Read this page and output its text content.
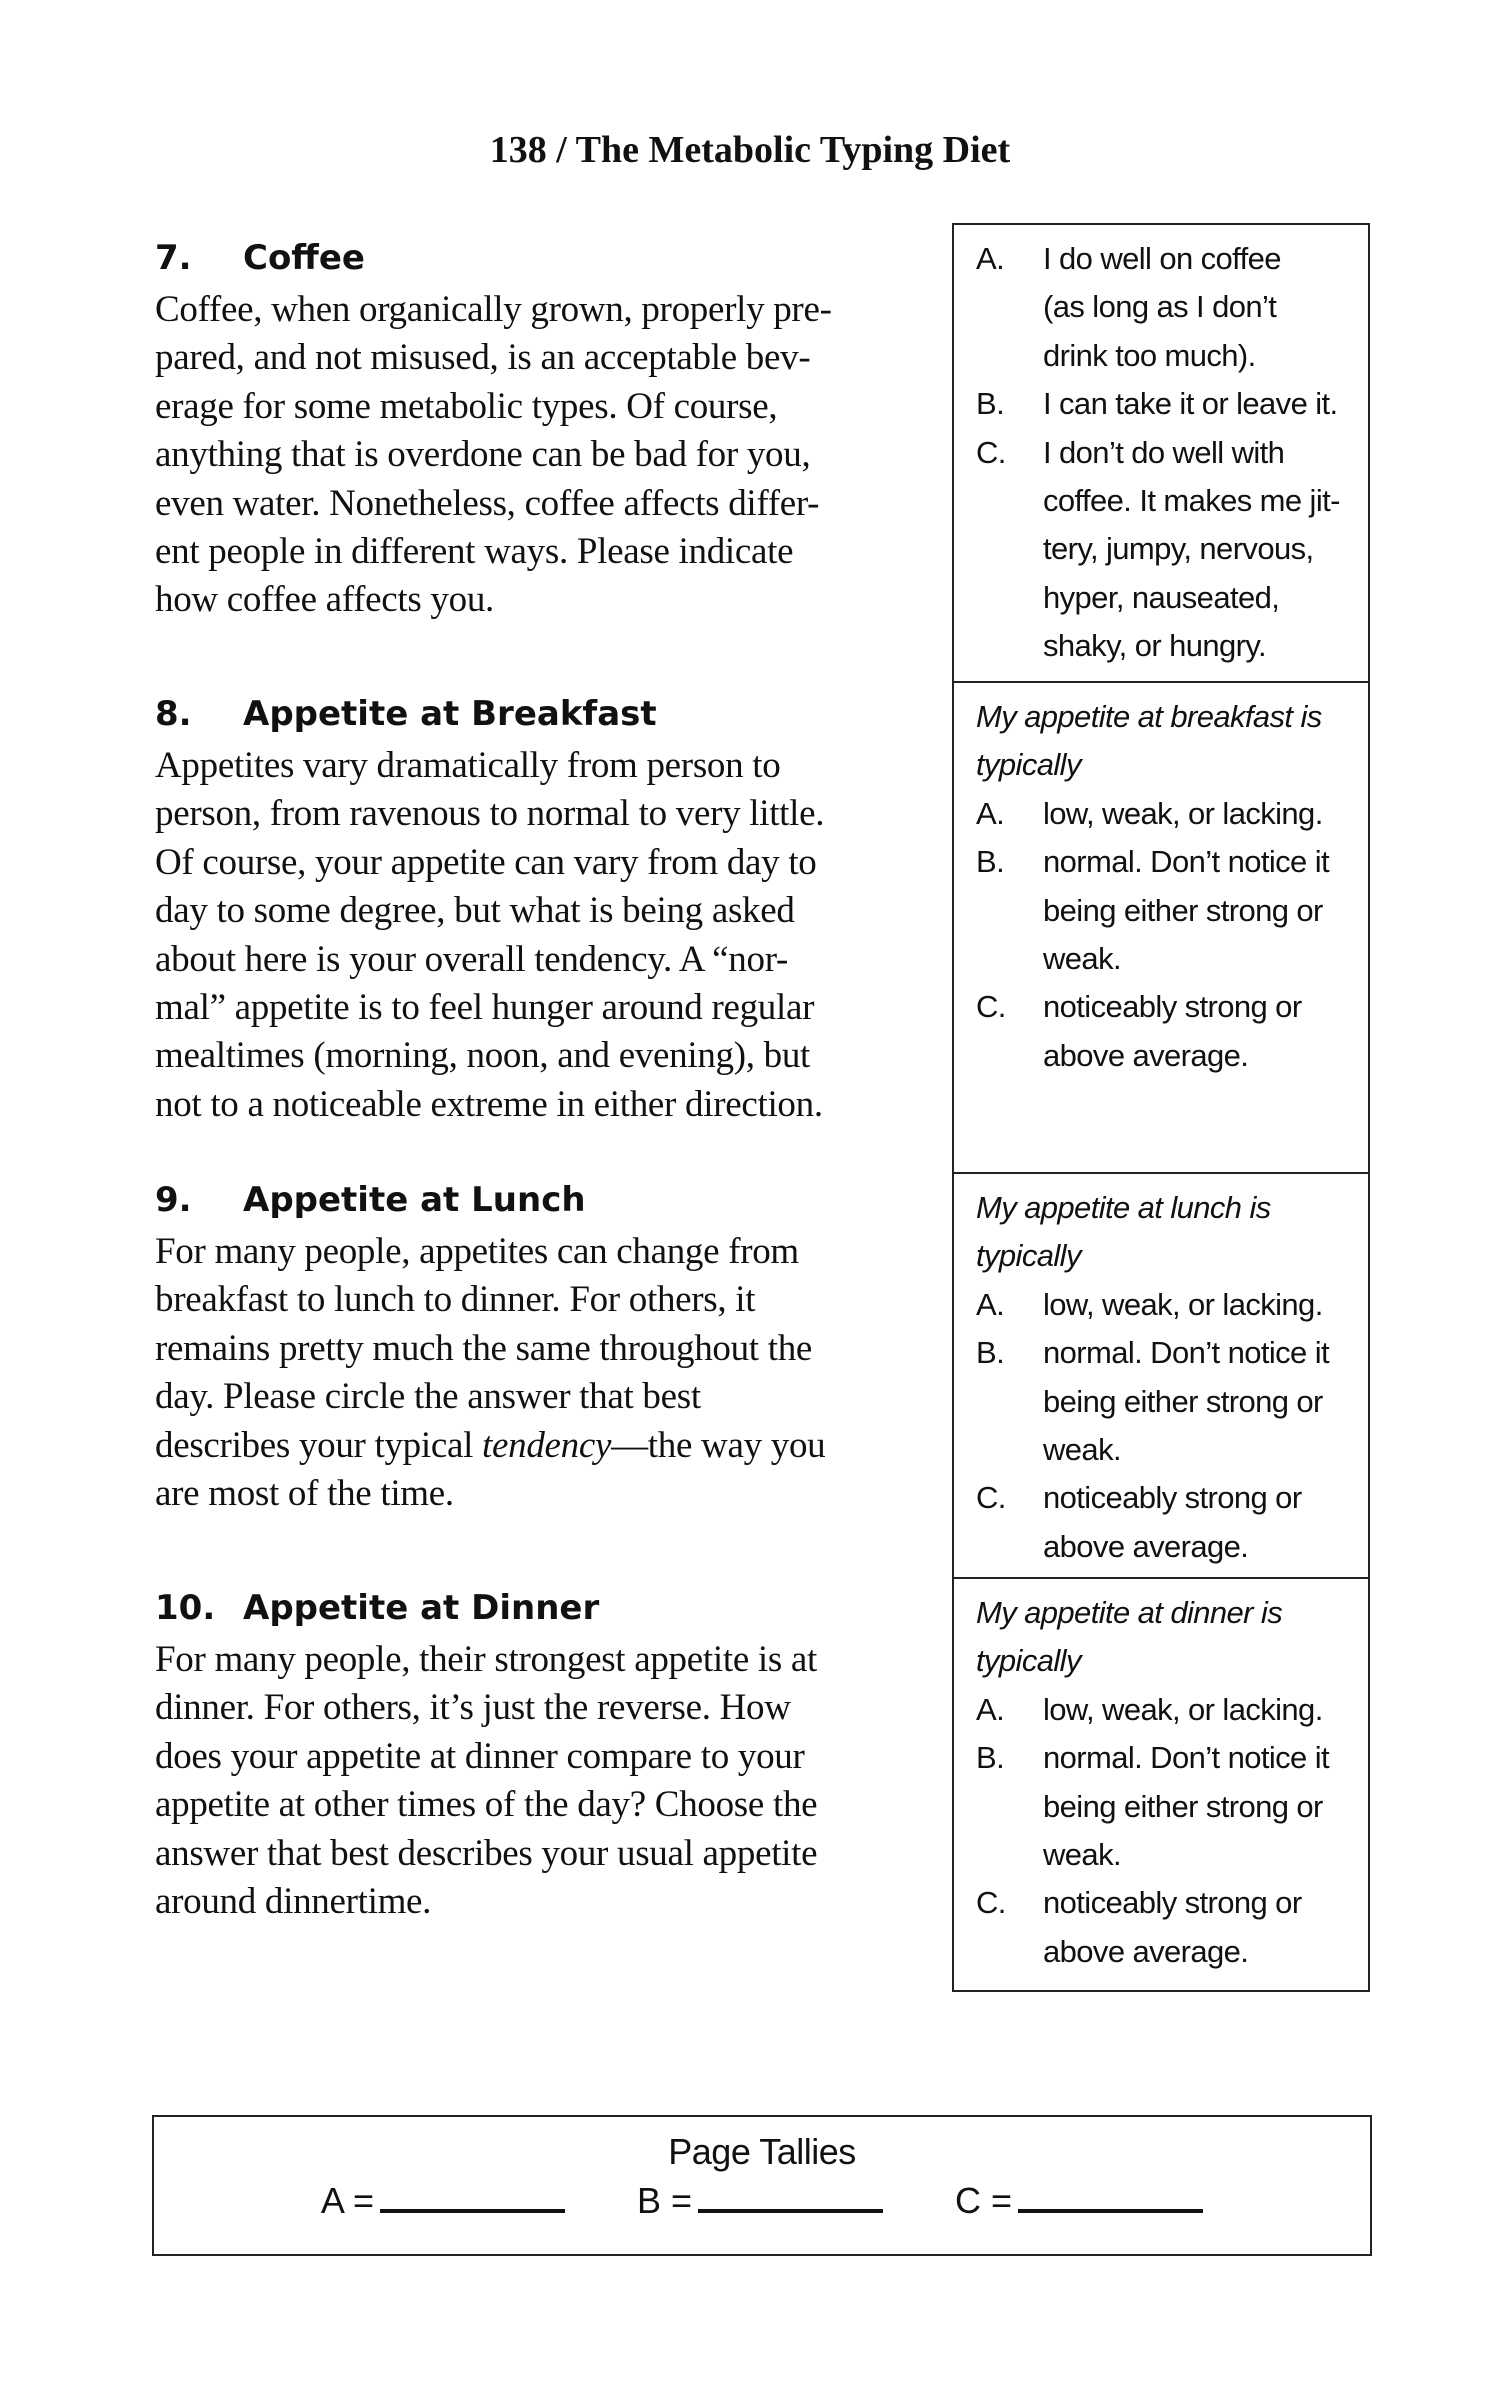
138 / The Metabolic Typing Diet
7.	Coffee
Coffee, when organically grown, properly pre-
pared, and not misused, is an acceptable bev-
erage for some metabolic types. Of course,
anything that is overdone can be bad for you,
even water. Nonetheless, coffee affects differ-
ent people in different ways. Please indicate
how coffee affects you.
8.	Appetite at Breakfast
Appetites vary dramatically from person to
person, from ravenous to normal to very little.
Of course, your appetite can vary from day to
day to some degree, but what is being asked
about here is your overall tendency. A “nor-
mal” appetite is to feel hunger around regular
mealtimes (morning, noon, and evening), but
not to a noticeable extreme in either direction.
9.	Appetite at Lunch
For many people, appetites can change from
breakfast to lunch to dinner. For others, it
remains pretty much the same throughout the
day. Please circle the answer that best
describes your typical tendency—the way you
are most of the time.
10. Appetite at Dinner
For many people, their strongest appetite is at
dinner. For others, it’s just the reverse. How
does your appetite at dinner compare to your
appetite at other times of the day? Choose the
answer that best describes your usual appetite
around dinnertime.
A.	I do well on coffee
(as long as I don’t
drink too much).
B.	I can take it or leave it.
C.	I don’t do well with
coffee. It makes me jit-
tery, jumpy, nervous,
hyper, nauseated,
shaky, or hungry.
My appetite at breakfast is
typically
A.	low, weak, or lacking.
B.	normal. Don’t notice it
being either strong or
weak.
C.	noticeably strong or
above average.
My appetite at lunch is
typically
A.	low, weak, or lacking.
B.	normal. Don’t notice it
being either strong or
weak.
C.	noticeably strong or
above average.
My appetite at dinner is
typically
A.	low, weak, or lacking.
B.	normal. Don’t notice it
being either strong or
weak.
C.	noticeably strong or
above average.
Page Tallies
A =	B =	C =
